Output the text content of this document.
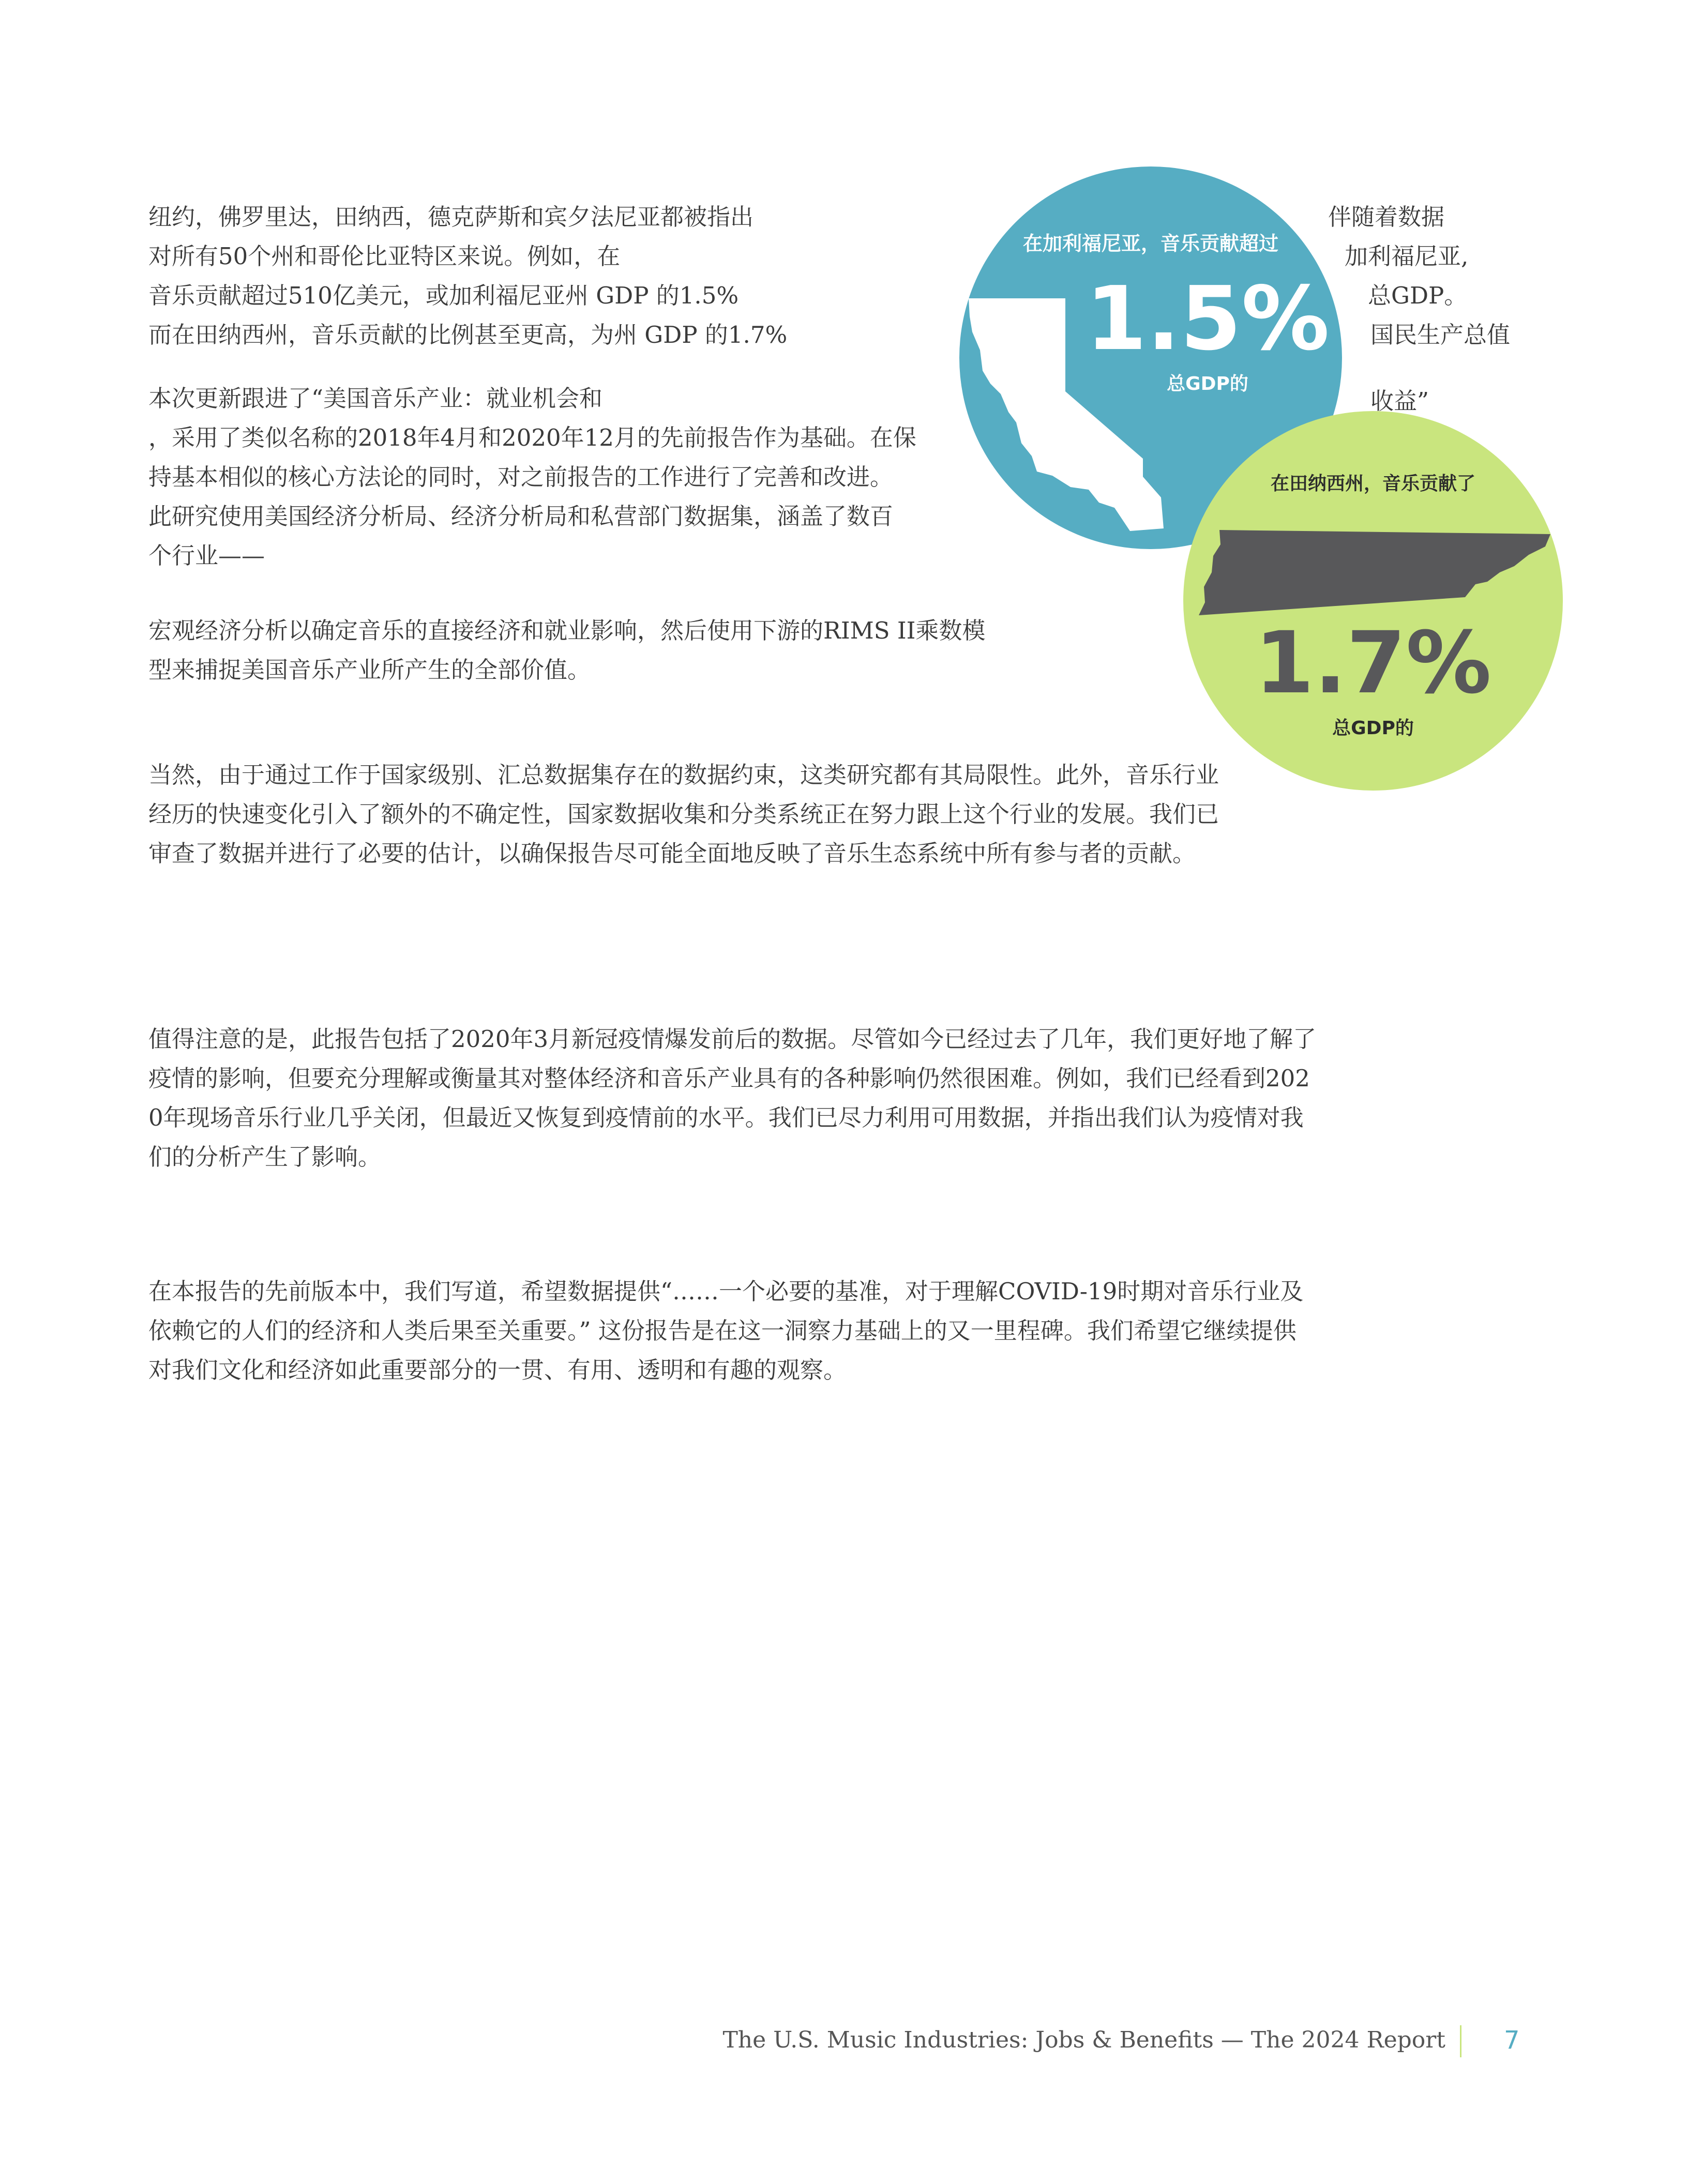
纽约，佛罗里达，田纳西，德克萨斯和宾夕法尼亚都被指出
对所有50个州和哥伦比亚特区来说。例如，在
音乐贡献超过510亿美元，或加利福尼亚州 GDP 的1.5%
而在田纳西州，音乐贡献的比例甚至更高，为州 GDP 的1.7%

本次更新跟进了“美国音乐产业：就业机会和
，采用了类似名称的2018年4月和2020年12月的先前报告作为基础。在保
持基本相似的核心方法论的同时，对之前报告的工作进行了完善和改进。
此研究使用美国经济分析局、经济分析局和私营部门数据集，涵盖了数百
个行业——

宏观经济分析以确定音乐的直接经济和就业影响，然后使用下游的RIMS II乘数模
型来捕捉美国音乐产业所产生的全部价值。

在加利福尼亚，音乐贡献超过
1.5%
总GDP的
在田纳西州，音乐贡献了
1.7%
总GDP的
伴随着数据
加利福尼亚,
总GDP。
国民生产总值
收益”

当然，由于通过工作于国家级别、汇总数据集存在的数据约束，这类研究都有其局限性。此外，音乐行业
经历的快速变化引入了额外的不确定性，国家数据收集和分类系统正在努力跟上这个行业的发展。我们已
审查了数据并进行了必要的估计，以确保报告尽可能全面地反映了音乐生态系统中所有参与者的贡献。

值得注意的是，此报告包括了2020年3月新冠疫情爆发前后的数据。尽管如今已经过去了几年，我们更好地了解了
疫情的影响，但要充分理解或衡量其对整体经济和音乐产业具有的各种影响仍然很困难。例如，我们已经看到202
0年现场音乐行业几乎关闭，但最近又恢复到疫情前的水平。我们已尽力利用可用数据，并指出我们认为疫情对我
们的分析产生了影响。

在本报告的先前版本中，我们写道，希望数据提供“……一个必要的基准，对于理解COVID-19时期对音乐行业及
依赖它的人们的经济和人类后果至关重要。” 这份报告是在这一洞察力基础上的又一里程碑。我们希望它继续提供
对我们文化和经济如此重要部分的一贯、有用、透明和有趣的观察。

The U.S. Music Industries: Jobs & Benefits — The 2024 Report 7
